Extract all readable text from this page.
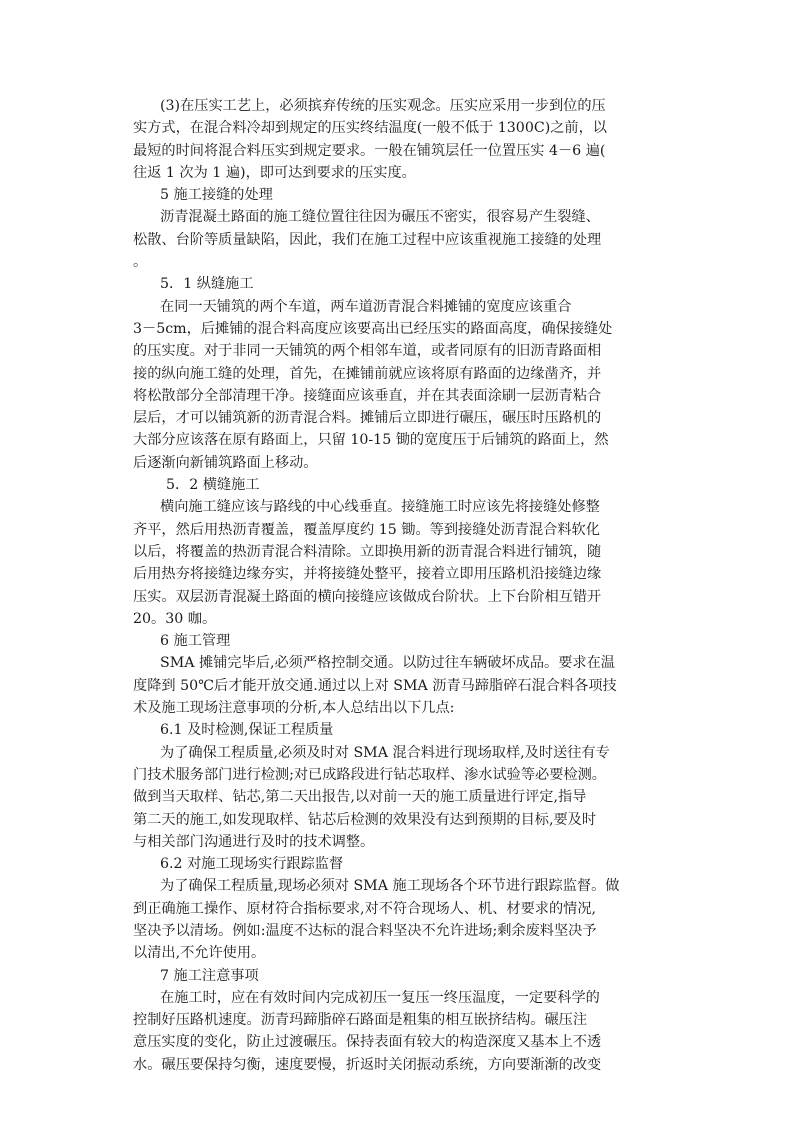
(3)在压实工艺上，必须摈弃传统的压实观念。压实应采用一步到位的压
实方式，在混合料冷却到规定的压实终结温度(一般不低于 1300C)之前，以
最短的时间将混合料压实到规定要求。一般在铺筑层任一位置压实 4－6 遍(
往返 1 次为 1 遍)，即可达到要求的压实度。
5 施工接缝的处理
沥青混凝土路面的施工缝位置往往因为碾压不密实，很容易产生裂缝、
松散、台阶等质量缺陷，因此，我们在施工过程中应该重视施工接缝的处理
。
5．1 纵缝施工
在同一天铺筑的两个车道，两车道沥青混合料摊铺的宽度应该重合
3－5cm，后摊铺的混合料高度应该要高出已经压实的路面高度，确保接缝处
的压实度。对于非同一天铺筑的两个相邻车道，或者同原有的旧沥青路面相
接的纵向施工缝的处理，首先，在摊铺前就应该将原有路面的边缘凿齐，并
将松散部分全部清理干净。接缝面应该垂直，并在其表面涂刷一层沥青粘合
层后，才可以铺筑新的沥青混合料。摊铺后立即进行碾压，碾压时压路机的
大部分应该落在原有路面上，只留 10-15 锄的宽度压于后铺筑的路面上，然
后逐渐向新铺筑路面上移动。
5．2 横缝施工
横向施工缝应该与路线的中心线垂直。接缝施工时应该先将接缝处修整
齐平，然后用热沥青覆盖，覆盖厚度约 15 锄。等到接缝处沥青混合料软化
以后，将覆盖的热沥青混合料清除。立即换用新的沥青混合料进行铺筑，随
后用热夯将接缝边缘夯实，并将接缝处整平，接着立即用压路机沿接缝边缘
压实。双层沥青混凝土路面的横向接缝应该做成台阶状。上下台阶相互错开
20。30 咖。
6 施工管理
SMA 摊铺完毕后,必须严格控制交通。以防过往车辆破坏成品。要求在温
度降到 50℃后才能开放交通.通过以上对 SMA 沥青马蹄脂碎石混合料各项技
术及施工现场注意事项的分析,本人总结出以下几点:
6.1 及时检测,保证工程质量
为了确保工程质量,必须及时对 SMA 混合料进行现场取样,及时送往有专
门技术服务部门进行检测;对已成路段进行钻芯取样、渗水试验等必要检测。
做到当天取样、钻芯,第二天出报告,以对前一天的施工质量进行评定,指导
第二天的施工,如发现取样、钻芯后检测的效果没有达到预期的目标,要及时
与相关部门沟通进行及时的技术调整。
6.2 对施工现场实行跟踪监督
为了确保工程质量,现场必须对 SMA 施工现场各个环节进行跟踪监督。做
到正确施工操作、原材符合指标要求,对不符合现场人、机、材要求的情况,
坚决予以清场。例如:温度不达标的混合料坚决不允许进场;剩余废料坚决予
以清出,不允许使用。
7 施工注意事项
在施工时，应在有效时间内完成初压一复压一终压温度，一定要科学的
控制好压路机速度。沥青玛蹄脂碎石路面是粗集的相互嵌挤结构。碾压注
意压实度的变化，防止过渡碾压。保持表面有较大的构造深度又基本上不透
水。碾压要保持匀衡，速度要慢，折返时关闭振动系统，方向要渐渐的改变
